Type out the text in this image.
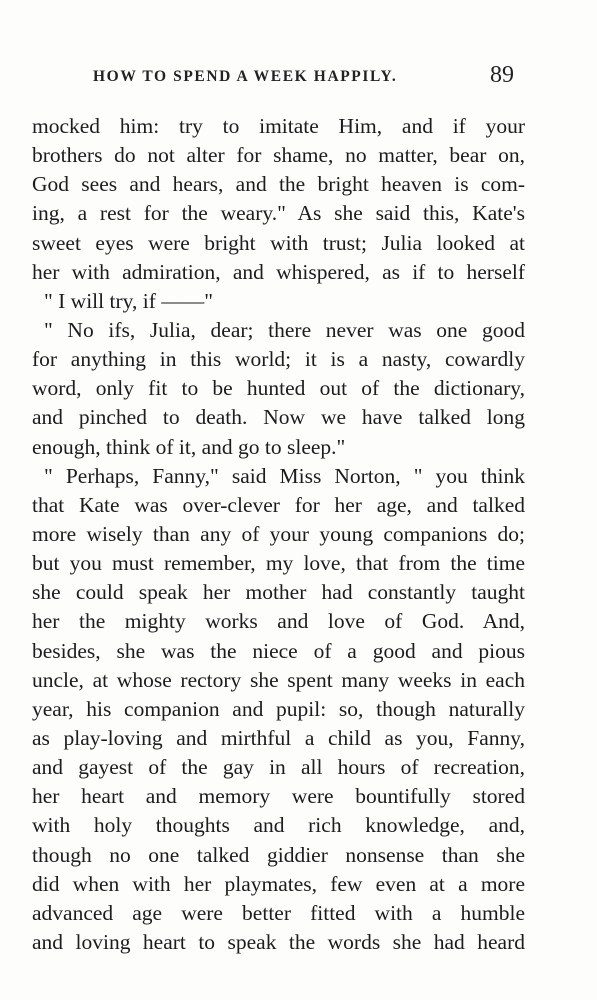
HOW TO SPEND A WEEK HAPPILY.	89
mocked him: try to imitate Him, and if your
brothers do not alter for shame, no matter, bear on,
God sees and hears, and the bright heaven is com-
ing, a rest for the weary." As she said this, Kate's
sweet eyes were bright with trust; Julia looked at
her with admiration, and whispered, as if to herself
" I will try, if ——"
" No ifs, Julia, dear; there never was one good
for anything in this world; it is a nasty, cowardly
word, only fit to be hunted out of the dictionary,
and pinched to death. Now we have talked long
enough, think of it, and go to sleep."
" Perhaps, Fanny," said Miss Norton, " you think
that Kate was over-clever for her age, and talked
more wisely than any of your young companions do;
but you must remember, my love, that from the time
she could speak her mother had constantly taught
her the mighty works and love of God. And,
besides, she was the niece of a good and pious
uncle, at whose rectory she spent many weeks in each
year, his companion and pupil: so, though naturally
as play-loving and mirthful a child as you, Fanny,
and gayest of the gay in all hours of recreation,
her heart and memory were bountifully stored
with holy thoughts and rich knowledge, and,
though no one talked giddier nonsense than she
did when with her playmates, few even at a more
advanced age were better fitted with a humble
and loving heart to speak the words she had heard
